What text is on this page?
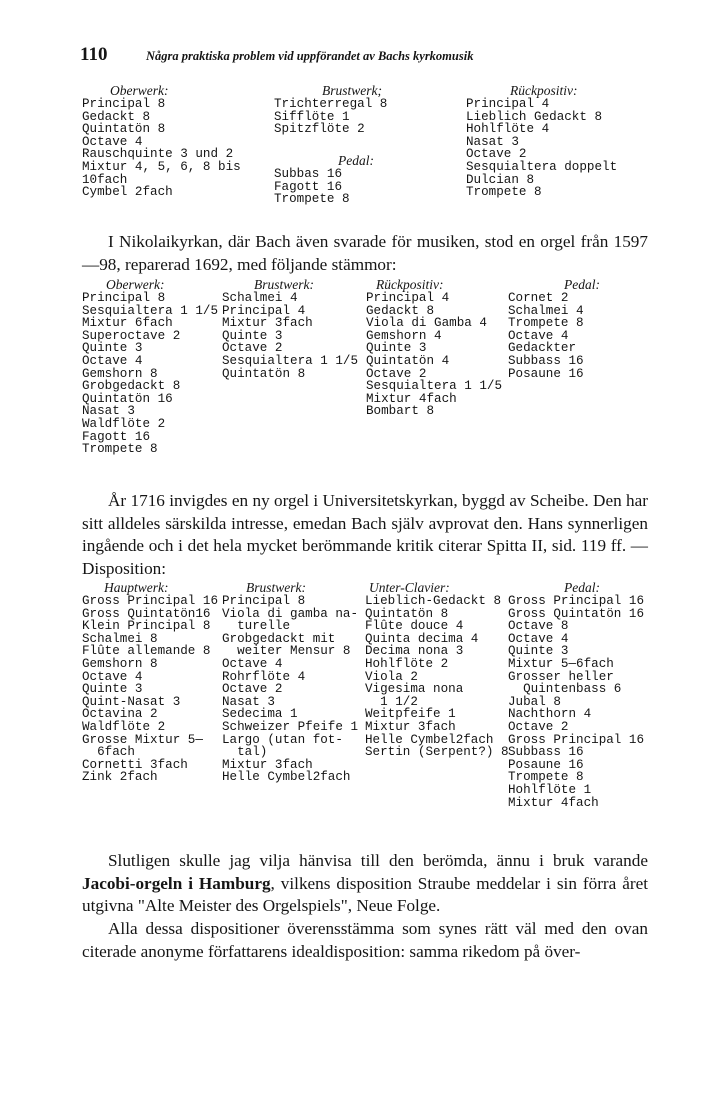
110	Några praktiska problem vid uppförandet av Bachs kyrkomusik
Oberwerk:
Principal 8
Gedackt 8
Quintatön 8
Octave 4
Rauschquinte 3 und 2
Mixtur 4, 5, 6, 8 bis
10fach
Cymbel 2fach
Brustwerk;
Trichterregal 8
Sifflöte 1
Spitzflöte 2
Pedal:
Subbas 16
Fagott 16
Trompete 8
Rückpositiv:
Principal 4
Lieblich Gedackt 8
Hohlflöte 4
Nasat 3
Octave 2
Sesquialtera doppelt
Dulcian 8
Trompete 8

I Nikolaikyrkan, där Bach även svarade för musiken, stod en orgel från 1597—98, reparerad 1692, med följande stämmor:

Oberwerk:
Principal 8
Sesquialtera 1 1/5
Mixtur 6fach
Superoctave 2
Quinte 3
Octave 4
Gemshorn 8
Grobgedackt 8
Quintatön 16
Nasat 3
Waldflöte 2
Fagott 16
Trompete 8
Brustwerk:
Schalmei 4
Principal 4
Mixtur 3fach
Quinte 3
Octave 2
Sesquialtera 1 1/5
Quintatön 8
Rückpositiv:
Principal 4
Gedackt 8
Viola di Gamba 4
Gemshorn 4
Quinte 3
Quintatön 4
Octave 2
Sesquialtera 1 1/5
Mixtur 4fach
Bombart 8
Pedal:
Cornet 2
Schalmei 4
Trompete 8
Octave 4
Gedackter
Subbass 16
Posaune 16

År 1716 invigdes en ny orgel i Universitetskyrkan, byggd av Scheibe. Den har sitt alldeles särskilda intresse, emedan Bach själv avprovat den. Hans synnerligen ingående och i det hela mycket berömmande kritik citerar Spitta II, sid. 119 ff. — Disposition:

Hauptwerk:
Gross Principal 16
Gross Quintatön16
Klein Principal 8
Schalmei 8
Flûte allemande 8
Gemshorn 8
Octave 4
Quinte 3
Quint-Nasat 3
Octavina 2
Waldflöte 2
Grosse Mixtur 5—
6fach
Cornetti 3fach
Zink 2fach
Brustwerk:
Principal 8
Viola di gamba na-
turelle
Grobgedackt mit
weiter Mensur 8
Octave 4
Rohrflöte 4
Octave 2
Nasat 3
Sedecima 1
Schweizer Pfeife 1
Largo (utan fot-
tal)
Mixtur 3fach
Helle Cymbel2fach
Unter-Clavier:
Lieblich-Gedackt 8
Quintatön 8
Flûte douce 4
Quinta decima 4
Decima nona 3
Hohlflöte 2
Viola 2
Vigesima nona
1 1/2
Weitpfeife 1
Mixtur 3fach
Helle Cymbel2fach
Sertin (Serpent?) 8
Pedal:
Gross Principal 16
Gross Quintatön 16
Octave 8
Octave 4
Quinte 3
Mixtur 5—6fach
Grosser heller
Quintenbass 6
Jubal 8
Nachthorn 4
Octave 2
Gross Principal 16
Subbass 16
Posaune 16
Trompete 8
Hohlflöte 1
Mixtur 4fach

Slutligen skulle jag vilja hänvisa till den berömda, ännu i bruk varande Jacobi-orgeln i Hamburg, vilkens disposition Straube meddelar i sin förra året utgivna "Alte Meister des Orgelspiels", Neue Folge.

Alla dessa dispositioner överensstämma som synes rätt väl med den ovan citerade anonyme författarens idealdisposition: samma rikedom på över-
